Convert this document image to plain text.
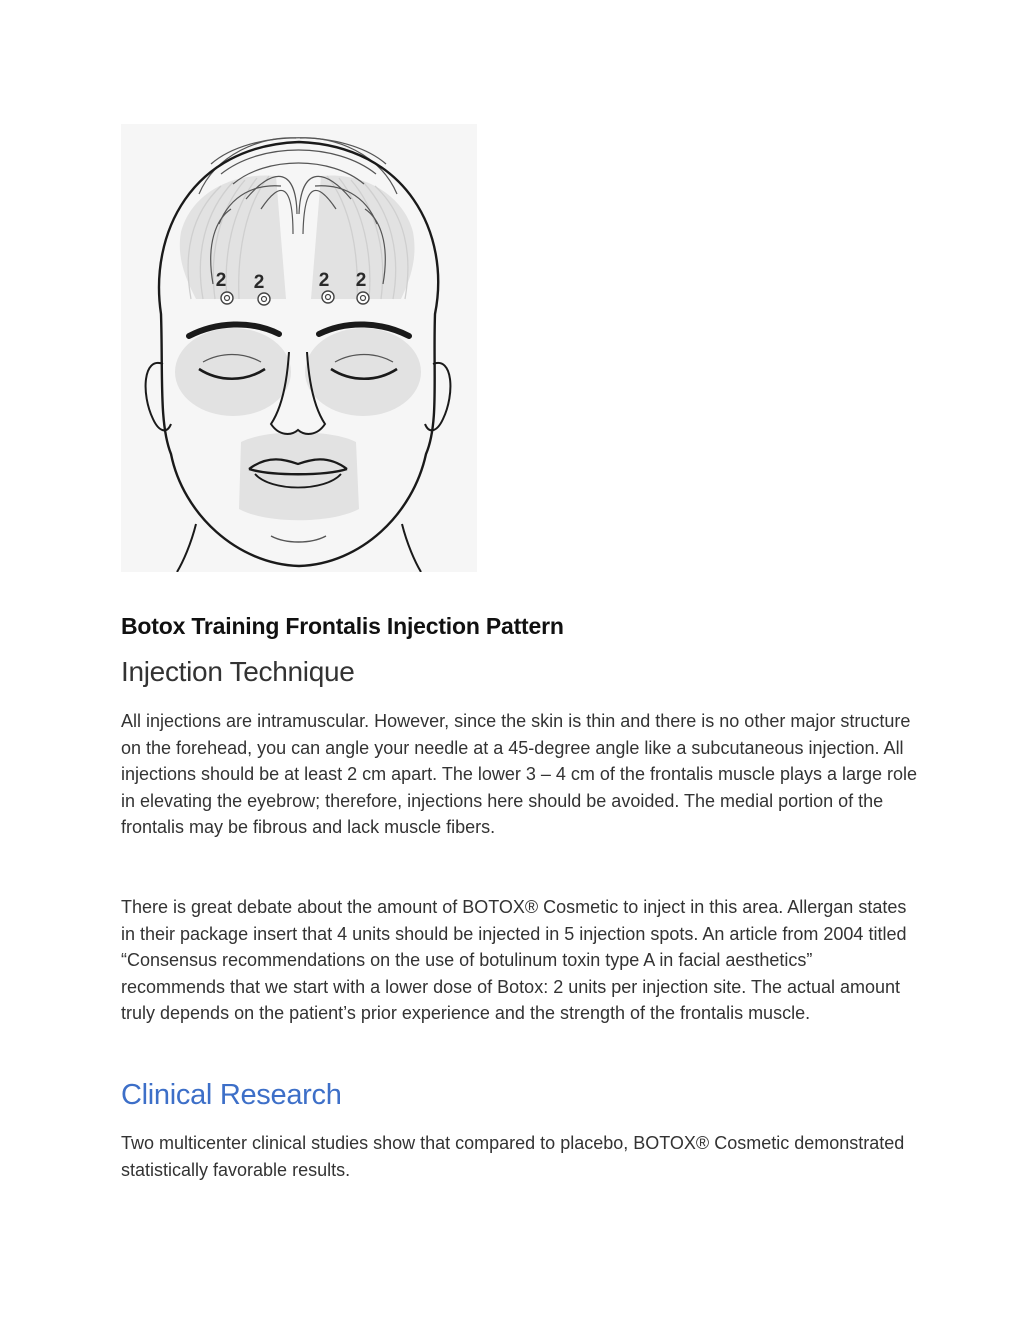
2 2	2 2
Botox Training Frontalis Injection Pattern
Injection Technique

All injections are intramuscular. However, since the skin is thin and there is no other major structure on the forehead, you can angle your needle at a 45-degree angle like a subcutaneous injection. All injections should be at least 2 cm apart. The lower 3 – 4 cm of the frontalis muscle plays a large role in elevating the eyebrow; therefore, injections here should be avoided. The medial portion of the frontalis may be fibrous and lack muscle fibers.

There is great debate about the amount of BOTOX® Cosmetic to inject in this area. Allergan states in their package insert that 4 units should be injected in 5 injection spots. An article from 2004 titled “Consensus recommendations on the use of botulinum toxin type A in facial aesthetics” recommends that we start with a lower dose of Botox: 2 units per injection site. The actual amount truly depends on the patient’s prior experience and the strength of the frontalis muscle.

Clinical Research

Two multicenter clinical studies show that compared to placebo, BOTOX® Cosmetic demonstrated statistically favorable results.
